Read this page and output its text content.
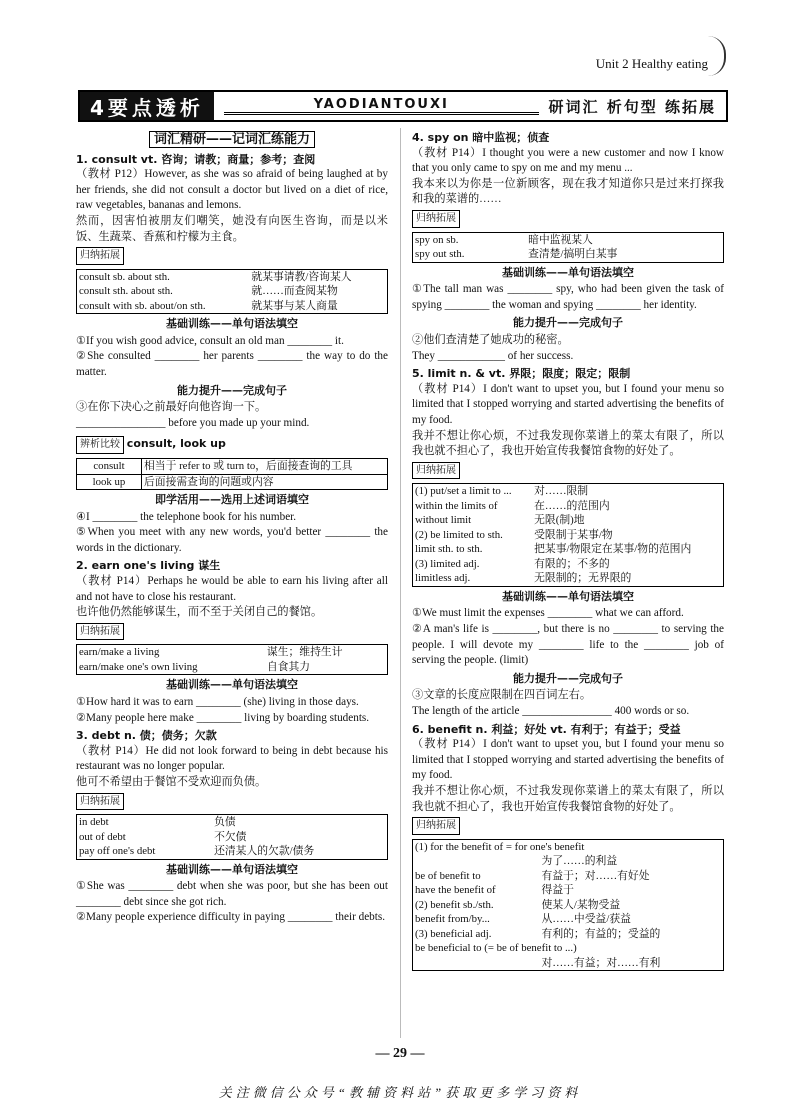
Unit 2 Healthy eating
4要点透析	YAODIANTOUXI	研词汇 析句型 练拓展
词汇精研——记词汇练能力
1. consult vt. 咨询；请教；商量；参考；查阅

（教材 P12）However, as she was so afraid of being laughed at by her friends, she did not consult a doctor but lived on a diet of rice, raw vegetables, bananas and lemons.

然而，因害怕被朋友们嘲笑，她没有向医生咨询，而是以米饭、生蔬菜、香蕉和柠檬为主食。

归纳拓展
consult sb. about sth.	就某事请教/咨询某人
consult sth. about sth.	就……而查阅某物
consult with sb. about/on sth.	就某事与某人商量
基础训练——单句语法填空

①If you wish good advice, consult an old man ________ it.

②She consulted ________ her parents ________ the way to do the matter.

能力提升——完成句子

③在你下决心之前最好向他咨询一下。

________________ before you made up your mind.

辨析比较 consult, look up
consult	相当于 refer to 或 turn to，后面接查询的工具
look up	后面接需查询的问题或内容
即学活用——选用上述词语填空

④I ________ the telephone book for his number.

⑤When you meet with any new words, you'd better ________ the words in the dictionary.

2. earn one's living 谋生

（教材 P14）Perhaps he would be able to earn his living after all and not have to close his restaurant.

也许他仍然能够谋生，而不至于关闭自己的餐馆。

归纳拓展
earn/make a living	谋生；维持生计
earn/make one's own living	自食其力
基础训练——单句语法填空

①How hard it was to earn ________ (she) living in those days.

②Many people here make ________ living by boarding students.

3. debt n. 债；债务；欠款

（教材 P14）He did not look forward to being in debt because his restaurant was no longer popular.

他可不希望由于餐馆不受欢迎而负债。

归纳拓展
in debt	负债
out of debt	不欠债
pay off one's debt	还清某人的欠款/债务
基础训练——单句语法填空

①She was ________ debt when she was poor, but she has been out ________ debt since she got rich.

②Many people experience difficulty in paying ________ their debts.

4. spy on 暗中监视；侦查

（教材 P14）I thought you were a new customer and now I know that you only came to spy on me and my menu ...

我本来以为你是一位新顾客，现在我才知道你只是过来打探我和我的菜谱的……

归纳拓展
spy on sb.	暗中监视某人
spy out sth.	查清楚/搞明白某事
基础训练——单句语法填空

①The tall man was ________ spy, who had been given the task of spying ________ the woman and spying ________ her identity.

能力提升——完成句子

②他们查清楚了她成功的秘密。

They ____________ of her success.

5. limit n. & vt. 界限；限度；限定；限制

（教材 P14）I don't want to upset you, but I found your menu so limited that I stopped worrying and started advertising the benefits of my food.

我并不想让你心烦，不过我发现你菜谱上的菜太有限了，所以我也就不担心了，我也开始宣传我餐馆食物的好处了。

归纳拓展
(1) put/set a limit to ...	对……限制
within the limits of	在……的范围内
without limit	无限(制)地
(2) be limited to sth.	受限制于某事/物
limit sth. to sth.	把某事/物限定在某事/物的范围内
(3) limited adj.	有限的；不多的
limitless adj.	无限制的；无界限的
基础训练——单句语法填空

①We must limit the expenses ________ what we can afford.

②A man's life is ________, but there is no ________ to serving the people. I will devote my ________ life to the ________ job of serving the people. (limit)

能力提升——完成句子

③文章的长度应限制在四百词左右。

The length of the article ________________ 400 words or so.

6. benefit n. 利益；好处 vt. 有利于；有益于；受益

（教材 P14）I don't want to upset you, but I found your menu so limited that I stopped worrying and started advertising the benefits of my food.

我并不想让你心烦，不过我发现你菜谱上的菜太有限了，所以我也就不担心了，我也开始宣传我餐馆食物的好处了。

归纳拓展
(1) for the benefit of = for one's benefit	
	为了……的利益
be of benefit to	有益于；对……有好处
have the benefit of	得益于
(2) benefit sb./sth.	使某人/某物受益
benefit from/by...	从……中受益/获益
(3) beneficial adj.	有利的；有益的；受益的
be beneficial to (= be of benefit to ...)	
	对……有益；对……有利
— 29 —
关注微信公众号“教辅资料站”获取更多学习资料
